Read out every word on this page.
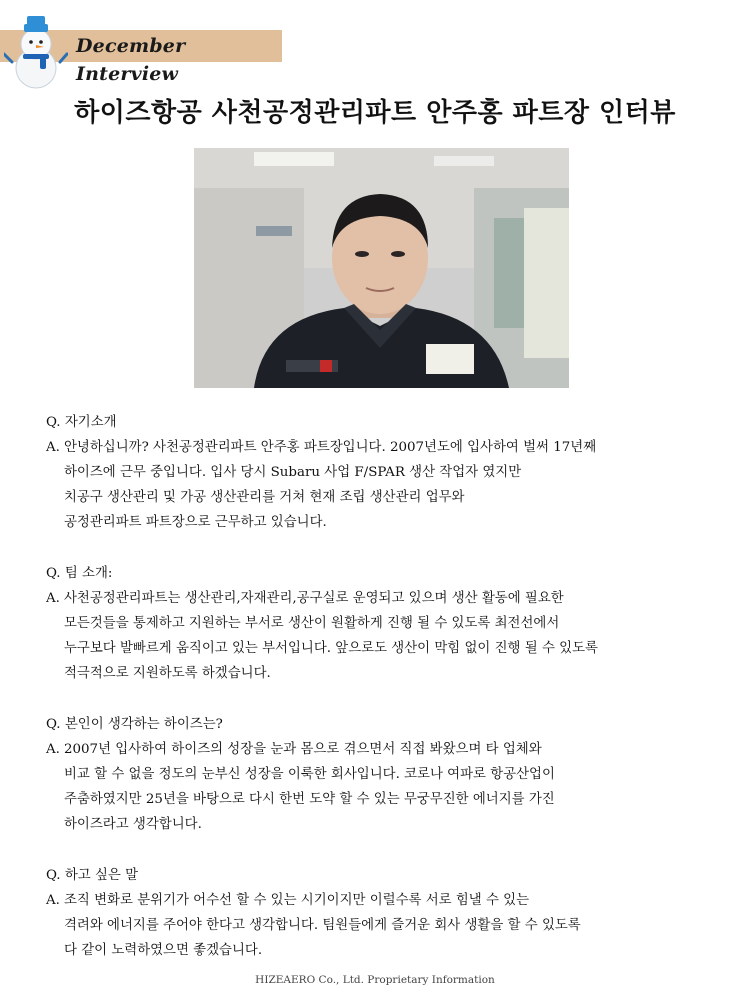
December Interview
하이즈항공 사천공정관리파트 안주홍 파트장 인터뷰

Q. 자기소개

A. 안녕하십니까? 사천공정관리파트 안주홍 파트장입니다. 2007년도에 입사하여 벌써 17년째
하이즈에 근무 중입니다. 입사 당시 Subaru 사업 F/SPAR 생산 작업자 였지만
치공구 생산관리 및 가공 생산관리를 거쳐 현재 조립 생산관리 업무와
공정관리파트 파트장으로 근무하고 있습니다.

Q. 팀 소개:

A. 사천공정관리파트는 생산관리,자재관리,공구실로 운영되고 있으며 생산 활동에 필요한
모든것들을 통제하고 지원하는 부서로 생산이 원활하게 진행 될 수 있도록 최전선에서
누구보다 발빠르게 움직이고 있는 부서입니다. 앞으로도 생산이 막힘 없이 진행 될 수 있도록
적극적으로 지원하도록 하겠습니다.

Q. 본인이 생각하는 하이즈는?

A. 2007년 입사하여 하이즈의 성장을 눈과 몸으로 겪으면서 직접 봐왔으며 타 업체와
비교 할 수 없을 정도의 눈부신 성장을 이룩한 회사입니다. 코로나 여파로 항공산업이
주춤하였지만 25년을 바탕으로 다시 한번 도약 할 수 있는 무궁무진한 에너지를 가진
하이즈라고 생각합니다.

Q. 하고 싶은 말

A. 조직 변화로 분위기가 어수선 할 수 있는 시기이지만 이럴수록 서로 힘낼 수 있는
격려와 에너지를 주어야 한다고 생각합니다. 팀원들에게 즐거운 회사 생활을 할 수 있도록
다 같이 노력하였으면 좋겠습니다.
HIZEAERO Co., Ltd. Proprietary Information
